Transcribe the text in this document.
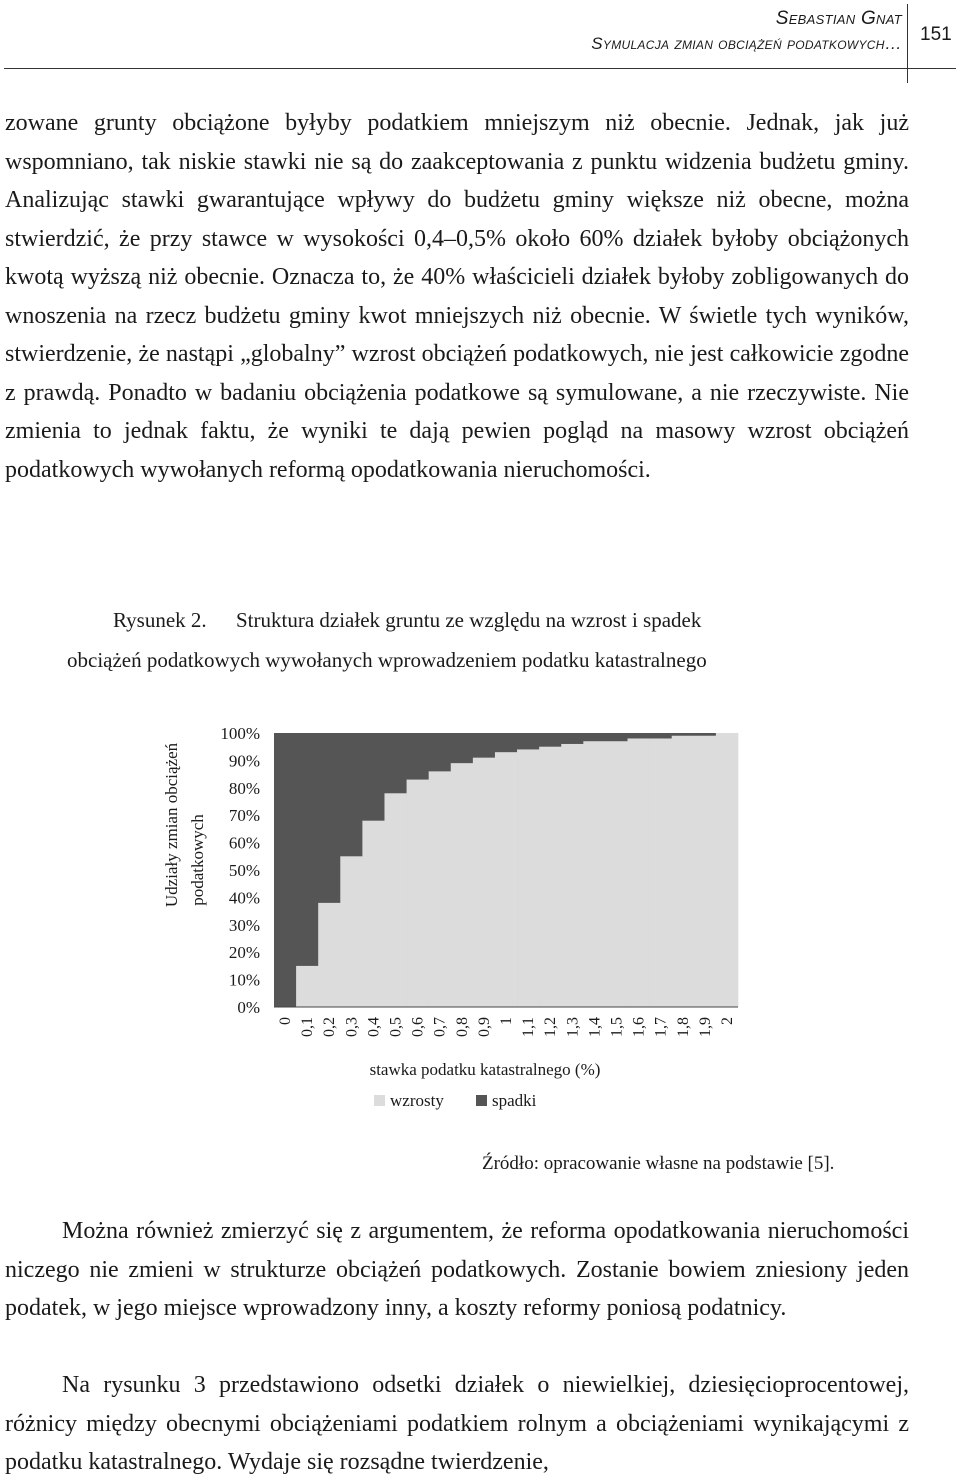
Sebastian Gnat
Symulacja zmian obciążeń podatkowych… 151

zowane grunty obciążone byłyby podatkiem mniejszym niż obecnie. Jednak, jak już wspomniano, tak niskie stawki nie są do zaakceptowania z punktu widzenia budżetu gminy. Analizując stawki gwarantujące wpływy do budżetu gminy większe niż obecne, można stwierdzić, że przy stawce w wysokości 0,4–0,5% około 60% działek byłoby obciążonych kwotą wyższą niż obecnie. Oznacza to, że 40% właścicieli działek byłoby zobligowanych do wnoszenia na rzecz budżetu gminy kwot mniejszych niż obecnie. W świetle tych wyników, stwierdzenie, że nastąpi „globalny” wzrost obciążeń podatkowych, nie jest całkowicie zgodne z prawdą. Ponadto w badaniu obciążenia podatkowe są symulowane, a nie rzeczywiste. Nie zmienia to jednak faktu, że wyniki te dają pewien pogląd na masowy wzrost obciążeń podatkowych wywołanych reformą opodatkowania nieruchomości.

Rysunek 2. Struktura działek gruntu ze względu na wzrost i spadek
obciążeń podatkowych wywołanych wprowadzeniem podatku katastralnego
100%
90%
80%
70%
60%
50%
40%
30%
20%
10%
0%
0 0,1 0,2 0,3 0,4 0,5 0,6 0,7 0,8 0,9 1 1,1 1,2 1,3 1,4 1,5 1,6 1,7 1,8 1,9 2
Udziały zmian obciążeń podatkowych
stawka podatku katastralnego (%)
wzrosty	spadki
Źródło: opracowanie własne na podstawie [5].

Można również zmierzyć się z argumentem, że reforma opodatkowania nieruchomości niczego nie zmieni w strukturze obciążeń podatkowych. Zostanie bowiem zniesiony jeden podatek, w jego miejsce wprowadzony inny, a koszty reformy poniosą podatnicy.

Na rysunku 3 przedstawiono odsetki działek o niewielkiej, dziesięcioprocentowej, różnicy między obecnymi obciążeniami podatkiem rolnym a obciążeniami wynikającymi z podatku katastralnego. Wydaje się rozsądne twierdzenie,
